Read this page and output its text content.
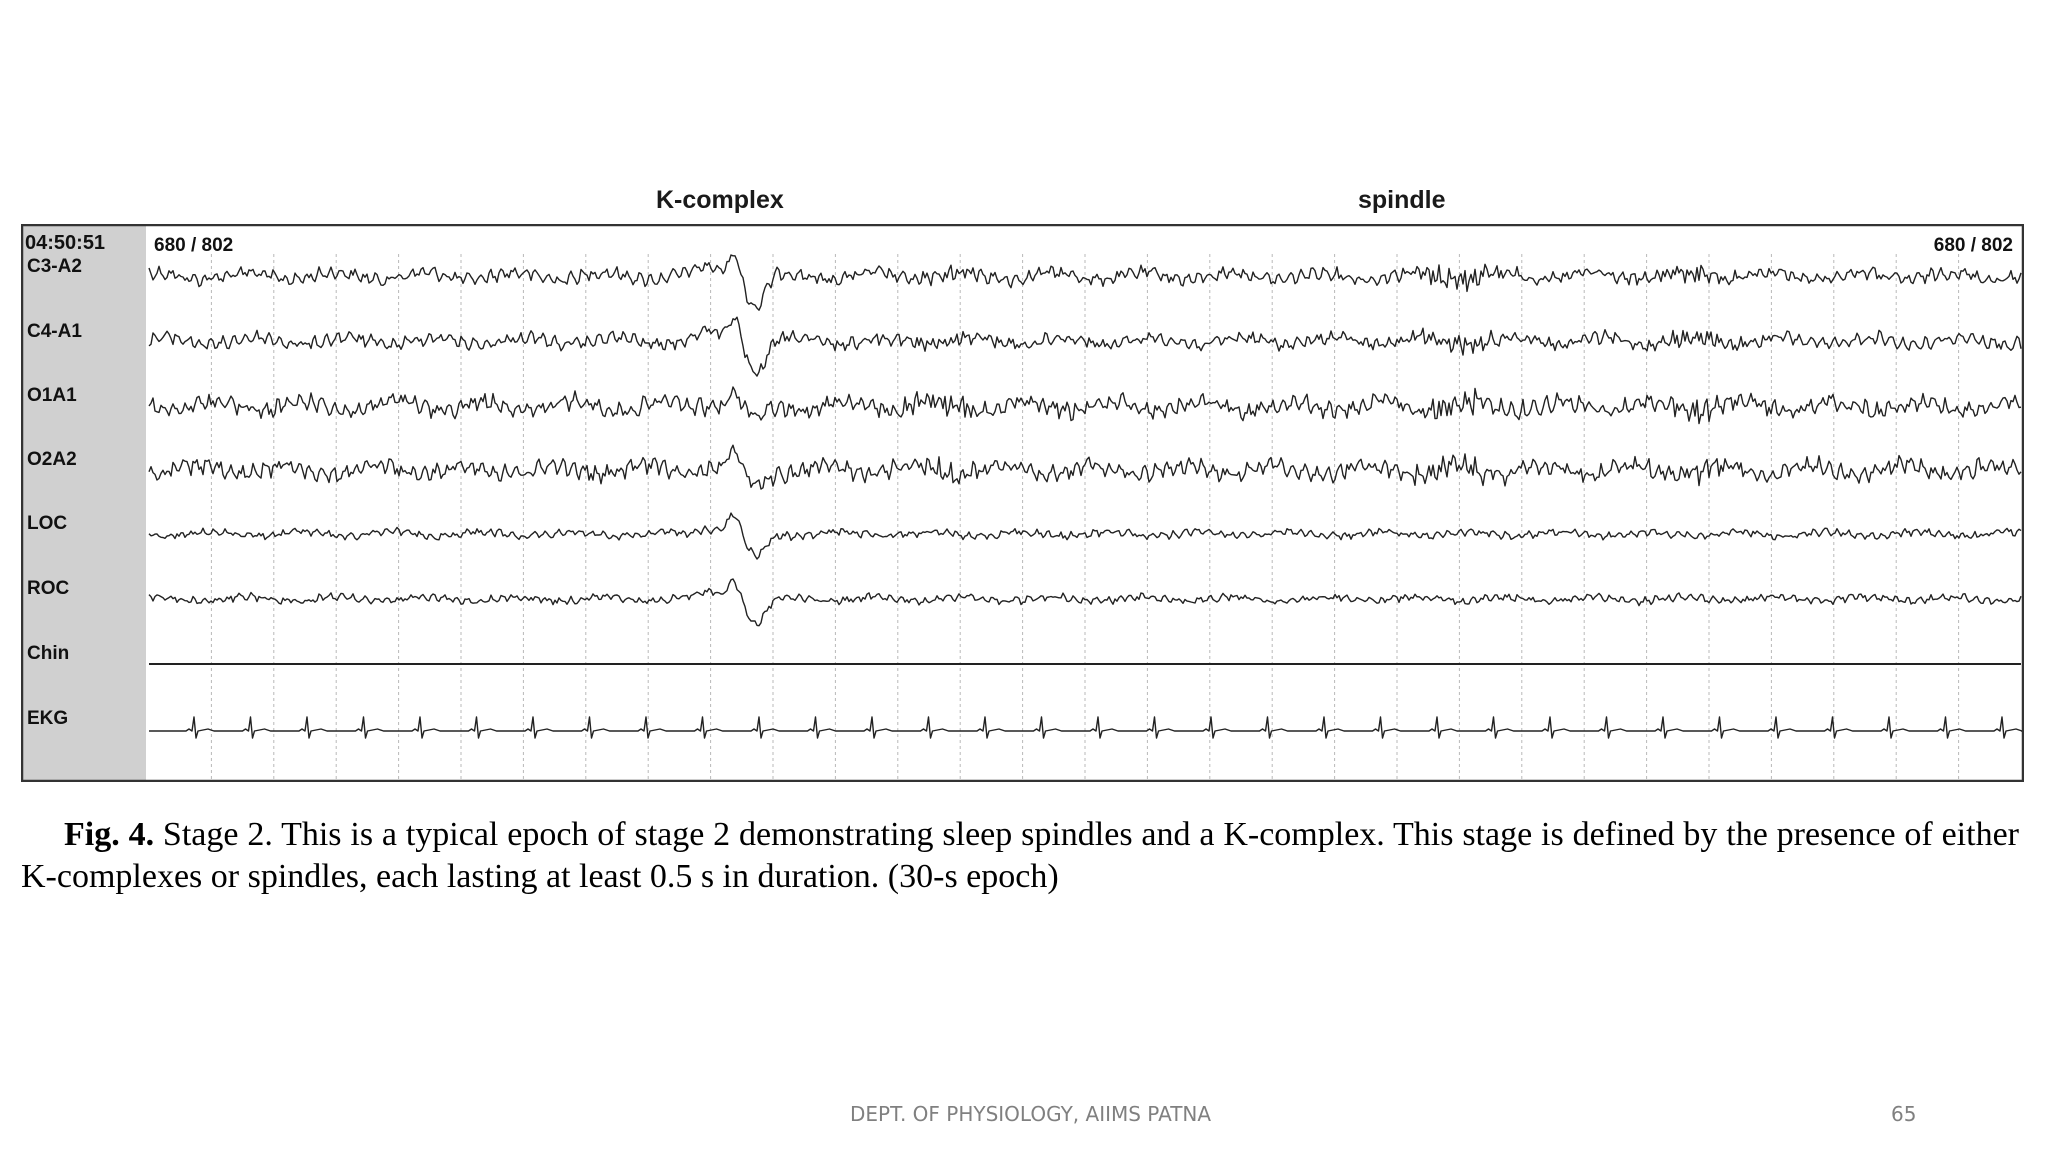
K-complex	spindle
C3-A2
C4-A1
O1A1
O2A2
LOC
ROC
Chin
EKG
04:50:51	680 / 802	680 / 802
Fig. 4. Stage 2. This is a typical epoch of stage 2 demonstrating sleep spindles and a K-complex. This stage is defined by the presence of either K-complexes or spindles, each lasting at least 0.5 s in duration. (30-s epoch)
DEPT. OF PHYSIOLOGY, AIIMS PATNA	65
